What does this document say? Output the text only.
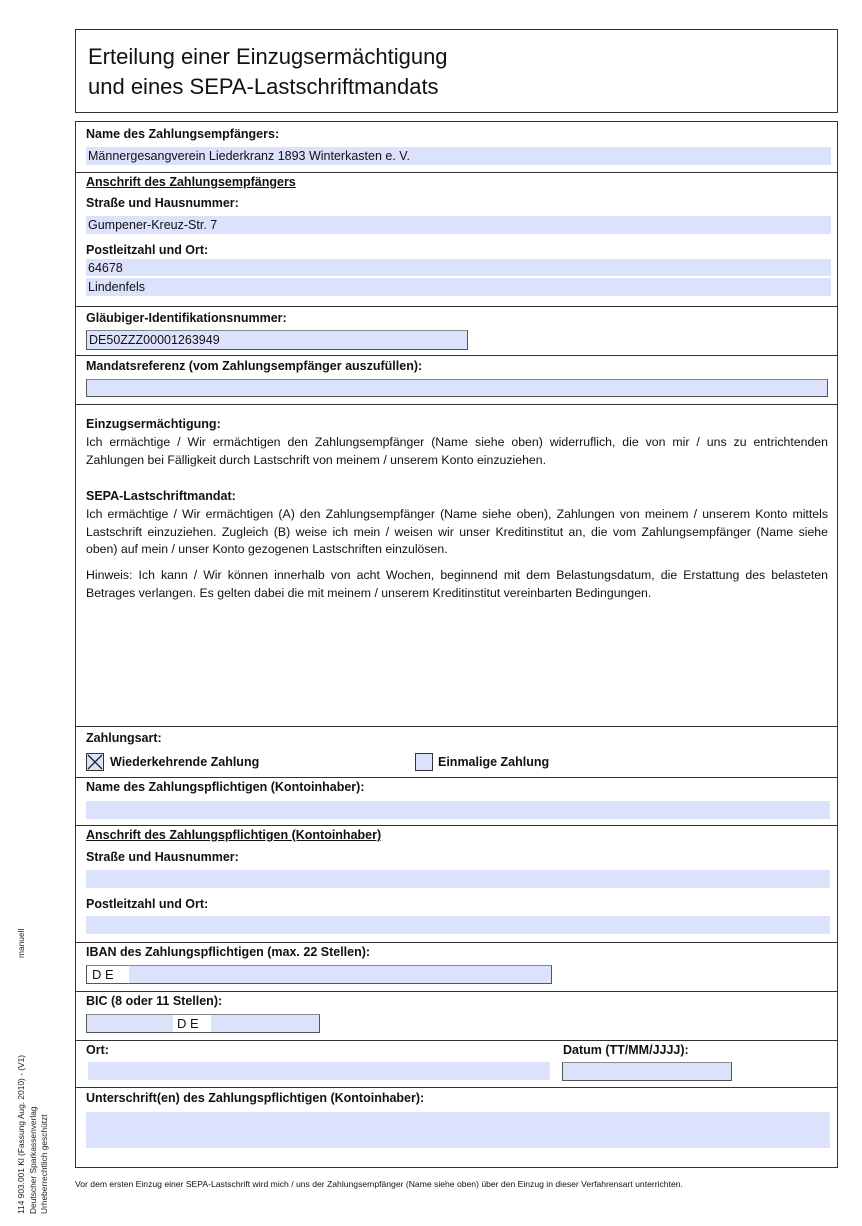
Erteilung einer Einzugsermächtigung
und eines SEPA-Lastschriftmandats
Name des Zahlungsempfängers:
Männergesangverein Liederkranz 1893 Winterkasten e. V.
Anschrift des Zahlungsempfängers
Straße und Hausnummer:
Gumpener-Kreuz-Str. 7
Postleitzahl und Ort:
64678
Lindenfels
Gläubiger-Identifikationsnummer:
DE50ZZZ00001263949
Mandatsreferenz (vom Zahlungsempfänger auszufüllen):
Einzugsermächtigung:
Ich ermächtige / Wir ermächtigen den Zahlungsempfänger (Name siehe oben) widerruflich, die von mir / uns zu entrichtenden Zahlungen bei Fälligkeit durch Lastschrift von meinem / unserem Konto einzuziehen.
SEPA-Lastschriftmandat:
Ich ermächtige / Wir ermächtigen (A) den Zahlungsempfänger (Name siehe oben), Zahlungen von meinem / unserem Konto mittels Lastschrift einzuziehen. Zugleich (B) weise ich mein / weisen wir unser Kreditinstitut an, die vom Zahlungsempfänger (Name siehe oben) auf mein / unser Konto gezogenen Lastschriften einzulösen.
Hinweis: Ich kann / Wir können innerhalb von acht Wochen, beginnend mit dem Belastungsdatum, die Erstattung des belasteten Betrages verlangen. Es gelten dabei die mit meinem / unserem Kreditinstitut vereinbarten Bedingungen.
Zahlungsart:
Wiederkehrende Zahlung	Einmalige Zahlung
Name des Zahlungspflichtigen (Kontoinhaber):
Anschrift des Zahlungspflichtigen (Kontoinhaber)
Straße und Hausnummer:
Postleitzahl und Ort:
IBAN des Zahlungspflichtigen (max. 22 Stellen):
D E
BIC (8 oder 11 Stellen):
D E
Ort:	Datum (TT/MM/JJJJ):
Unterschrift(en) des Zahlungspflichtigen (Kontoinhaber):
Vor dem ersten Einzug einer SEPA-Lastschrift wird mich / uns der Zahlungsempfänger (Name siehe oben) über den Einzug in dieser Verfahrensart unterrichten.
manuell
114 903.001 Kl (Fassung Aug. 2010) - (V1) Deutscher Sparkassenverlag Urheberrechtlich geschützt
